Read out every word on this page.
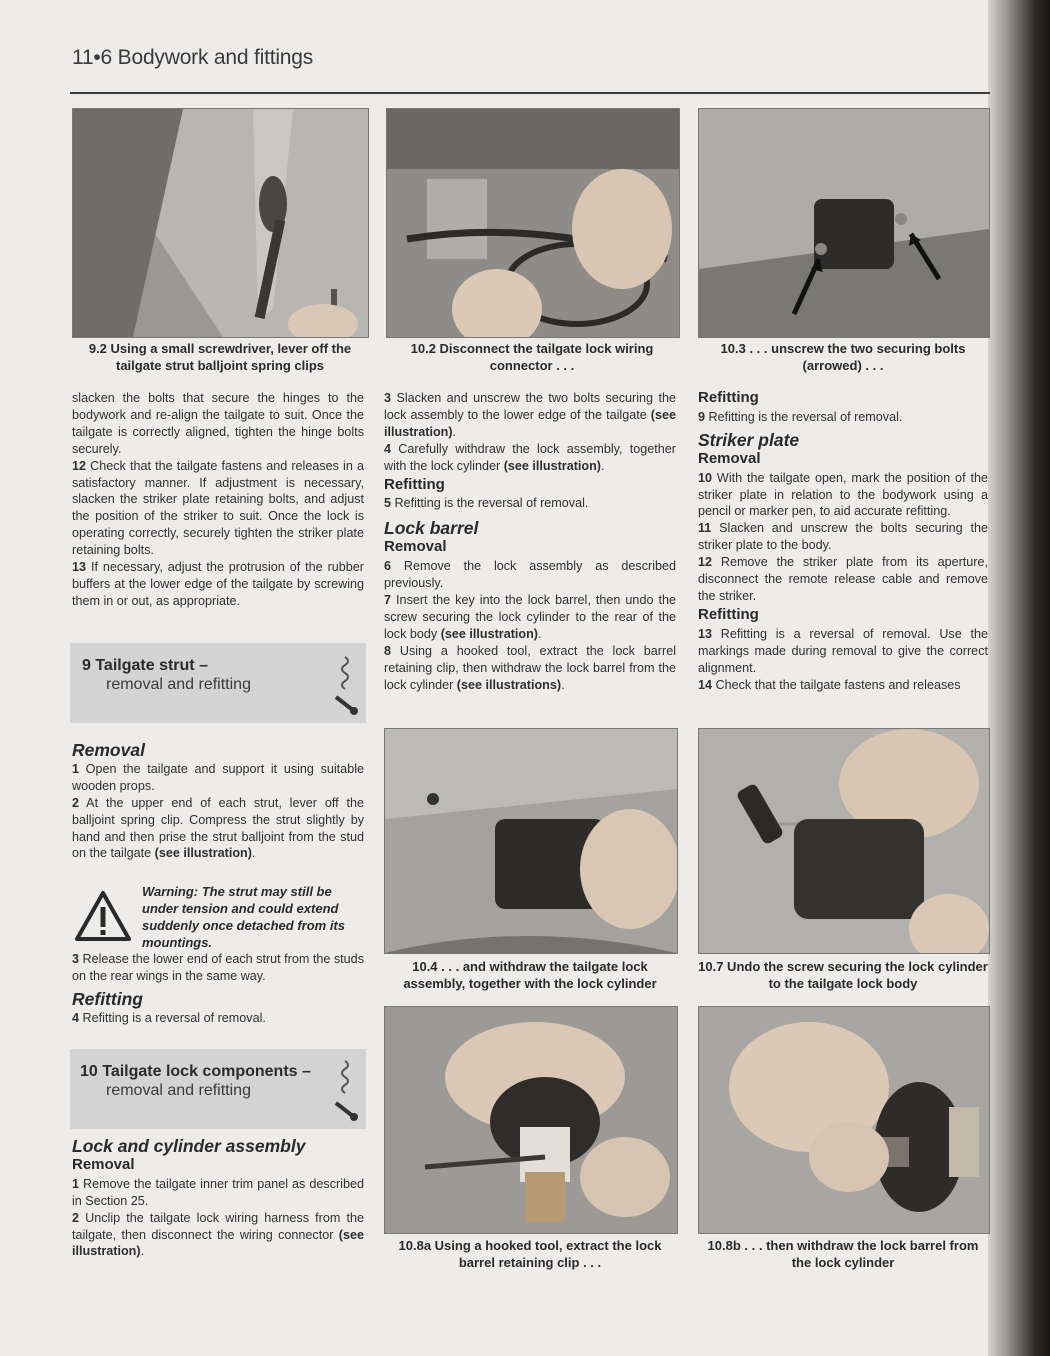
11•6 Bodywork and fittings
9.2 Using a small screwdriver, lever off the tailgate strut balljoint spring clips
10.2 Disconnect the tailgate lock wiring connector . . .
10.3 . . . unscrew the two securing bolts (arrowed) . . .

slacken the bolts that secure the hinges to the bodywork and re-align the tailgate to suit. Once the tailgate is correctly aligned, tighten the hinge bolts securely.

12 Check that the tailgate fastens and releases in a satisfactory manner. If adjustment is necessary, slacken the striker plate retaining bolts, and adjust the position of the striker to suit. Once the lock is operating correctly, securely tighten the striker plate retaining bolts.

13 If necessary, adjust the protrusion of the rubber buffers at the lower edge of the tailgate by screwing them in or out, as appropriate.

9 Tailgate strut –
removal and refitting
Removal

1 Open the tailgate and support it using suitable wooden props.

2 At the upper end of each strut, lever off the balljoint spring clip. Compress the strut slightly by hand and then prise the strut balljoint from the stud on the tailgate (see illustration).

Warning: The strut may still be under tension and could extend suddenly once detached from its mountings.

3 Release the lower end of each strut from the studs on the rear wings in the same way.

Refitting

4 Refitting is a reversal of removal.

10 Tailgate lock components –
removal and refitting
Lock and cylinder assembly
Removal

1 Remove the tailgate inner trim panel as described in Section 25.

2 Unclip the tailgate lock wiring harness from the tailgate, then disconnect the wiring connector (see illustration).

3 Slacken and unscrew the two bolts securing the lock assembly to the lower edge of the tailgate (see illustration).

4 Carefully withdraw the lock assembly, together with the lock cylinder (see illustration).

Refitting

5 Refitting is the reversal of removal.

Lock barrel
Removal

6 Remove the lock assembly as described previously.

7 Insert the key into the lock barrel, then undo the screw securing the lock cylinder to the rear of the lock body (see illustration).

8 Using a hooked tool, extract the lock barrel retaining clip, then withdraw the lock barrel from the lock cylinder (see illustrations).

Refitting

9 Refitting is the reversal of removal.

Striker plate
Removal

10 With the tailgate open, mark the position of the striker plate in relation to the bodywork using a pencil or marker pen, to aid accurate refitting.

11 Slacken and unscrew the bolts securing the striker plate to the body.

12 Remove the striker plate from its aperture, disconnect the remote release cable and remove the striker.

Refitting

13 Refitting is a reversal of removal. Use the markings made during removal to give the correct alignment.

14 Check that the tailgate fastens and releases

10.4 . . . and withdraw the tailgate lock assembly, together with the lock cylinder
10.7 Undo the screw securing the lock cylinder to the tailgate lock body
10.8a Using a hooked tool, extract the lock barrel retaining clip . . .
10.8b . . . then withdraw the lock barrel from the lock cylinder
